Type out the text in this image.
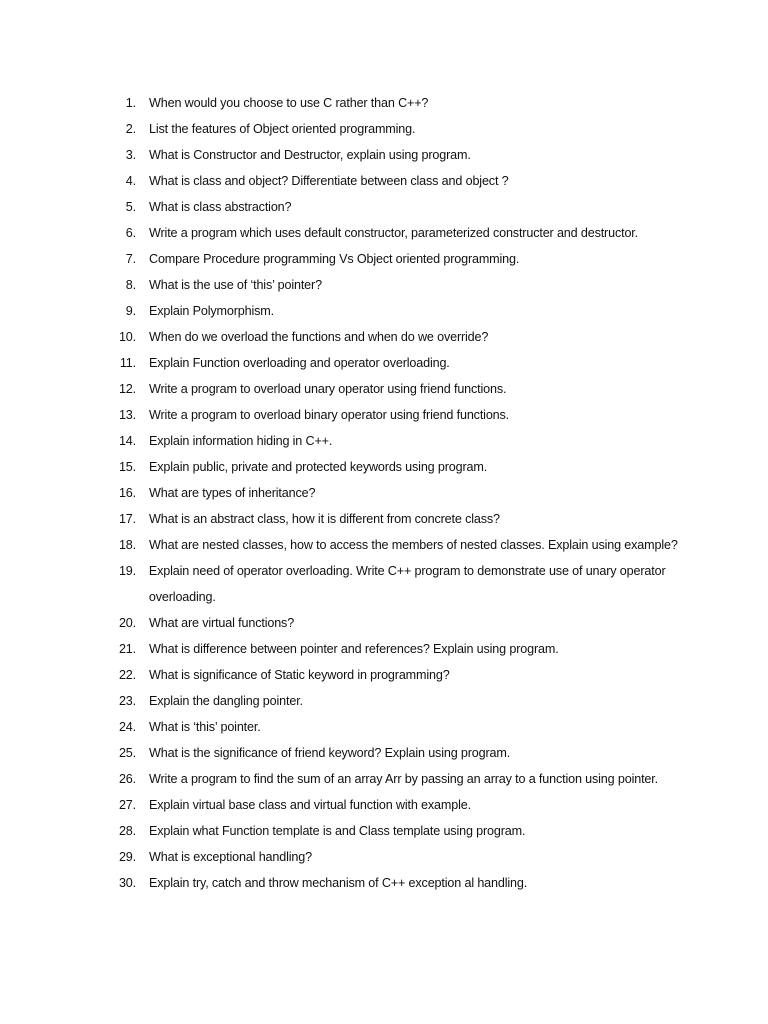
1. When would you choose to use C rather than C++?
2. List the features of Object oriented programming.
3. What is Constructor and Destructor, explain using program.
4. What is class and object? Differentiate between class and object ?
5. What is class abstraction?
6. Write a program which uses default constructor, parameterized constructer and destructor.
7. Compare Procedure programming Vs Object oriented programming.
8. What is the use of ‘this’ pointer?
9. Explain Polymorphism.
10. When do we overload the functions and when do we override?
11. Explain Function overloading and operator overloading.
12. Write a program to overload unary operator using friend functions.
13. Write a program to overload binary operator using friend functions.
14. Explain information hiding in C++.
15. Explain public, private and protected keywords using program.
16. What are types of inheritance?
17. What is an abstract class, how it is different from concrete class?
18. What are nested classes, how to access the members of nested classes. Explain using example?
19. Explain need of operator overloading. Write C++ program to demonstrate use of unary operator overloading.
20. What are virtual functions?
21. What is difference between pointer and references? Explain using program.
22. What is significance of Static keyword in programming?
23. Explain the dangling pointer.
24. What is ‘this’ pointer.
25. What is the significance of friend keyword? Explain using program.
26. Write a program to find the sum of an array Arr by passing an array to a function using pointer.
27. Explain virtual base class and virtual function with example.
28. Explain what Function template is and Class template using program.
29. What is exceptional handling?
30. Explain try, catch and throw mechanism of C++ exception al handling.
